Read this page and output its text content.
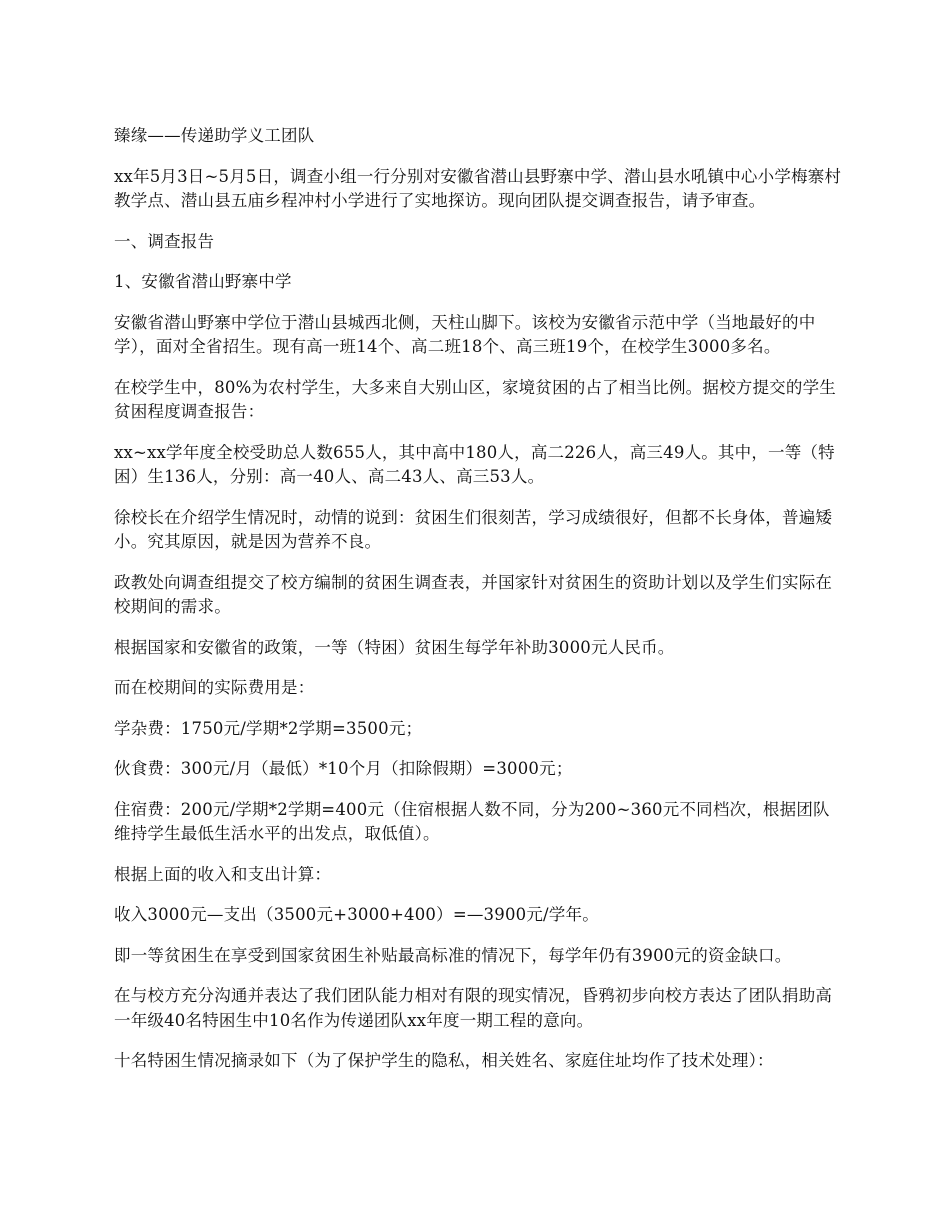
臻缘——传递助学义工团队

xx年5月3日~5月5日，调查小组一行分别对安徽省潜山县野寨中学、潜山县水吼镇中心小学梅寨村教学点、潜山县五庙乡程冲村小学进行了实地探访。现向团队提交调查报告，请予审查。

一、调查报告

1、安徽省潜山野寨中学

安徽省潜山野寨中学位于潜山县城西北侧，天柱山脚下。该校为安徽省示范中学（当地最好的中学），面对全省招生。现有高一班14个、高二班18个、高三班19个，在校学生3000多名。

在校学生中，80%为农村学生，大多来自大别山区，家境贫困的占了相当比例。据校方提交的学生贫困程度调查报告：

xx~xx学年度全校受助总人数655人，其中高中180人，高二226人，高三49人。其中，一等（特困）生136人，分别：高一40人、高二43人、高三53人。

徐校长在介绍学生情况时，动情的说到：贫困生们很刻苦，学习成绩很好，但都不长身体，普遍矮小。究其原因，就是因为营养不良。

政教处向调查组提交了校方编制的贫困生调查表，并国家针对贫困生的资助计划以及学生们实际在校期间的需求。

根据国家和安徽省的政策，一等（特困）贫困生每学年补助3000元人民币。

而在校期间的实际费用是：

学杂费：1750元/学期*2学期=3500元；

伙食费：300元/月（最低）*10个月（扣除假期）=3000元；

住宿费：200元/学期*2学期=400元（住宿根据人数不同，分为200~360元不同档次，根据团队维持学生最低生活水平的出发点，取低值）。

根据上面的收入和支出计算：

收入3000元—支出（3500元+3000+400）=—3900元/学年。

即一等贫困生在享受到国家贫困生补贴最高标准的情况下，每学年仍有3900元的资金缺口。

在与校方充分沟通并表达了我们团队能力相对有限的现实情况，昏鸦初步向校方表达了团队捐助高一年级40名特困生中10名作为传递团队xx年度一期工程的意向。

十名特困生情况摘录如下（为了保护学生的隐私，相关姓名、家庭住址均作了技术处理）：
